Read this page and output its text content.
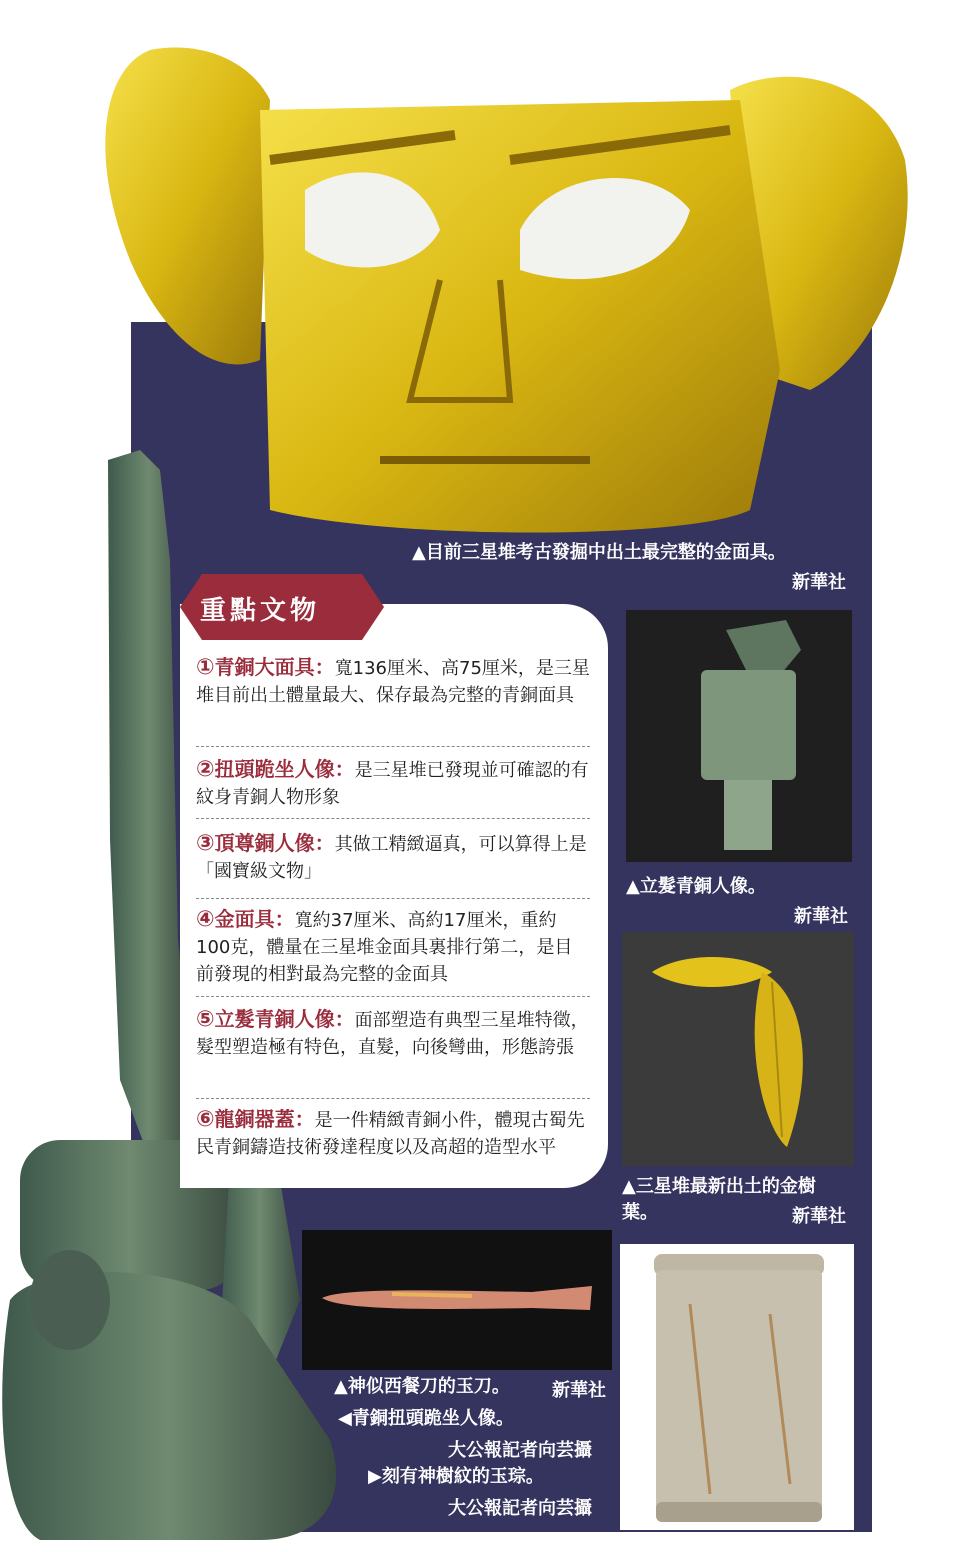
▲目前三星堆考古發掘中出土最完整的金面具。
新華社
重點文物
①青銅大面具：寬136厘米、高75厘米，是三星堆目前出土體量最大、保存最為完整的青銅面具
②扭頭跪坐人像：是三星堆已發現並可確認的有紋身青銅人物形象
③頂尊銅人像：其做工精緻逼真，可以算得上是「國寶級文物」
④金面具：寬約37厘米、高約17厘米，重約100克，體量在三星堆金面具裏排行第二，是目前發現的相對最為完整的金面具
⑤立髮青銅人像：面部塑造有典型三星堆特徵，髮型塑造極有特色，直髮，向後彎曲，形態誇張
⑥龍銅器蓋：是一件精緻青銅小件，體現古蜀先民青銅鑄造技術發達程度以及高超的造型水平
▲立髮青銅人像。
新華社
▲三星堆最新出土的金樹
葉。	新華社
▲神似西餐刀的玉刀。 新華社
◀青銅扭頭跪坐人像。
大公報記者向芸攝
▶刻有神樹紋的玉琮。
大公報記者向芸攝
